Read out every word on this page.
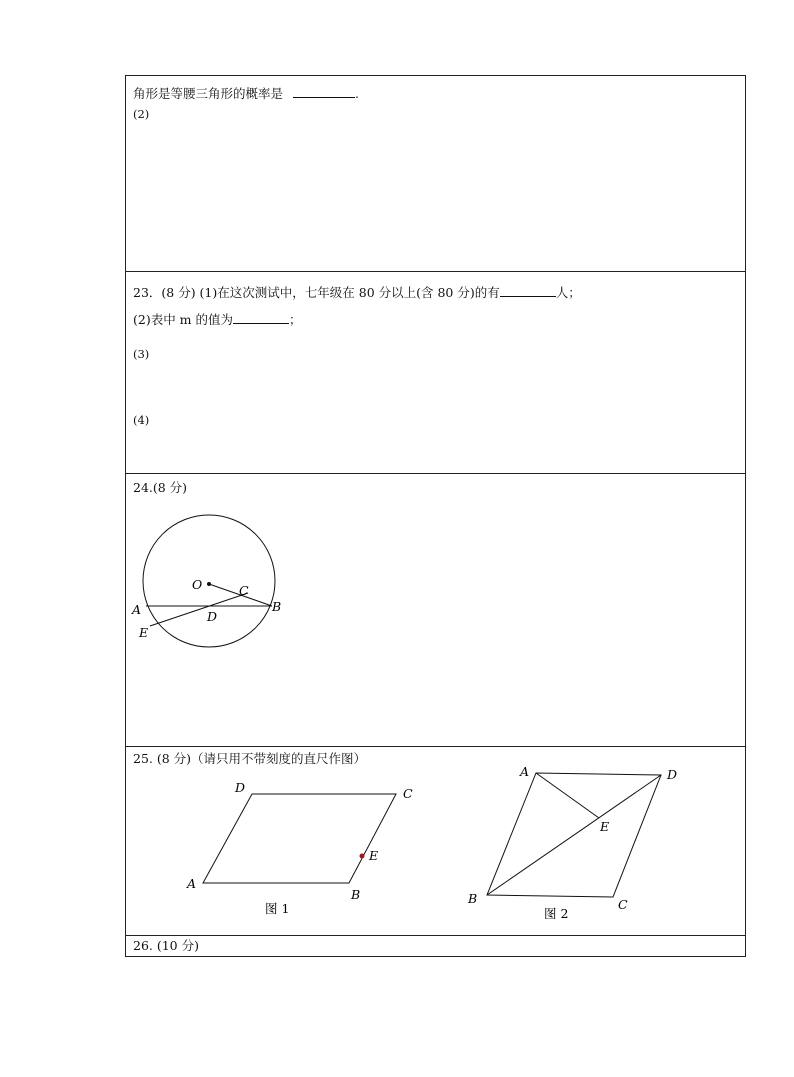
角形是等腰三角形的概率是	.
(2)
23．(8 分) (1)在这次测试中，七年级在 80 分以上(含 80 分)的有	人；
(2)表中 m 的值为	；
(3)
(4)
24.(8 分)
O	C
A	B
D
E
25. (8 分)（请只用不带刻度的直尺作图）
A
B
C
D
E
图 1
A
B	C
D
E
图 2
26. (10 分)
